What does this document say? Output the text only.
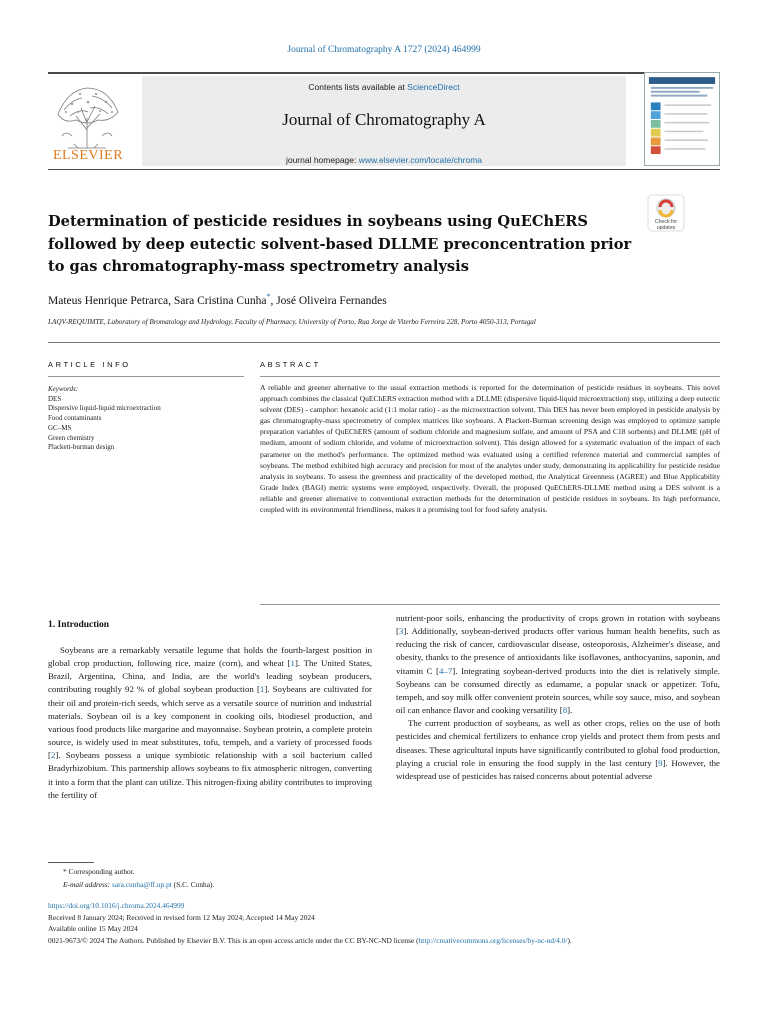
Journal of Chromatography A 1727 (2024) 464999
ELSEVIER
Contents lists available at ScienceDirect
Journal of Chromatography A
journal homepage: www.elsevier.com/locate/chroma
Determination of pesticide residues in soybeans using QuEChERS followed by deep eutectic solvent-based DLLME preconcentration prior to gas chromatography-mass spectrometry analysis
Check for
updates
Mateus Henrique Petrarca, Sara Cristina Cunha*, José Oliveira Fernandes
LAQV-REQUIMTE, Laboratory of Bromatology and Hydrology, Faculty of Pharmacy, University of Porto, Rua Jorge de Viterbo Ferreira 228, Porto 4050-313, Portugal
ARTICLE INFO	ABSTRACT
Keywords:
DES
Dispersive liquid-liquid microextraction
Food contaminants
GC–MS
Green chemistry
Plackett-burman design

A reliable and greener alternative to the usual extraction methods is reported for the determination of pesticide residues in soybeans. This novel approach combines the classical QuEChERS extraction method with a DLLME (dispersive liquid-liquid microextraction) step, utilizing a deep eutectic solvent (DES) - camphor: hexanoic acid (1:1 molar ratio) - as the microextraction solvent. This DES has never been employed in pesticide analysis by gas chromatography-mass spectrometry of complex matrices like soybeans. A Plackett-Burman screening design was employed to optimize sample preparation variables of QuEChERS (amount of sodium chloride and magnesium sulfate, and amount of PSA and C18 sorbents) and DLLME (pH of medium, amount of sodium chloride, and volume of microextraction solvent). This design allowed for a systematic evaluation of the impact of each parameter on the method's performance. The optimized method was evaluated using a certified reference material and commercial samples of soybeans. The method exhibited high accuracy and precision for most of the analytes under study, demonstrating its applicability for pesticide residue analysis in soybeans. To assess the greenness and practicality of the developed method, the Analytical Greenness (AGREE) and Blue Applicability Grade Index (BAGI) metric systems were employed, respectively. Overall, the proposed QuEChERS-DLLME method using a DES solvent is a reliable and greener alternative to conventional extraction methods for the determination of pesticide residues in soybeans. Its high performance, coupled with its environmental friendliness, makes it a promising tool for food safety analysis.

1. Introduction

Soybeans are a remarkably versatile legume that holds the fourth-largest position in global crop production, following rice, maize (corn), and wheat [1]. The United States, Brazil, Argentina, China, and India, are the world's leading soybean producers, contributing roughly 92 % of global soybean production [1]. Soybeans are cultivated for their oil and protein-rich seeds, which serve as a versatile source of nutrition and industrial materials. Soybean oil is a key component in cooking oils, biodiesel production, and various food products like margarine and mayonnaise. Soybean protein, a complete protein source, is widely used in meat substitutes, tofu, tempeh, and a variety of processed foods [2]. Soybeans possess a unique symbiotic relationship with a soil bacterium called Bradyrhizobium. This partnership allows soybeans to fix atmospheric nitrogen, converting it into a form that the plant can utilize. This nitrogen-fixing ability contributes to improving the fertility of

nutrient-poor soils, enhancing the productivity of crops grown in rotation with soybeans [3]. Additionally, soybean-derived products offer various human health benefits, such as reducing the risk of cancer, cardiovascular disease, osteoporosis, Alzheimer's disease, and obesity, thanks to the presence of antioxidants like isoflavones, anthocyanins, saponin, and vitamin C [4–7]. Integrating soybean-derived products into the diet is relatively simple. Soybeans can be consumed directly as edamame, a popular snack or appetizer. Tofu, tempeh, and soy milk offer convenient protein sources, while soy sauce, miso, and soybean oil can enhance flavor and cooking versatility [8].

The current production of soybeans, as well as other crops, relies on the use of both pesticides and chemical fertilizers to enhance crop yields and protect them from pests and diseases. These agricultural inputs have significantly contributed to global food production, playing a crucial role in ensuring the food supply in the last century [9]. However, the widespread use of pesticides has raised concerns about potential adverse

* Corresponding author.
E-mail address: sara.cunha@ff.up.pt (S.C. Cunha).
https://doi.org/10.1016/j.chroma.2024.464999
Received 8 January 2024; Received in revised form 12 May 2024; Accepted 14 May 2024
Available online 15 May 2024
0021-9673/© 2024 The Authors. Published by Elsevier B.V. This is an open access article under the CC BY-NC-ND license (http://creativecommons.org/licenses/by-nc-nd/4.0/).
